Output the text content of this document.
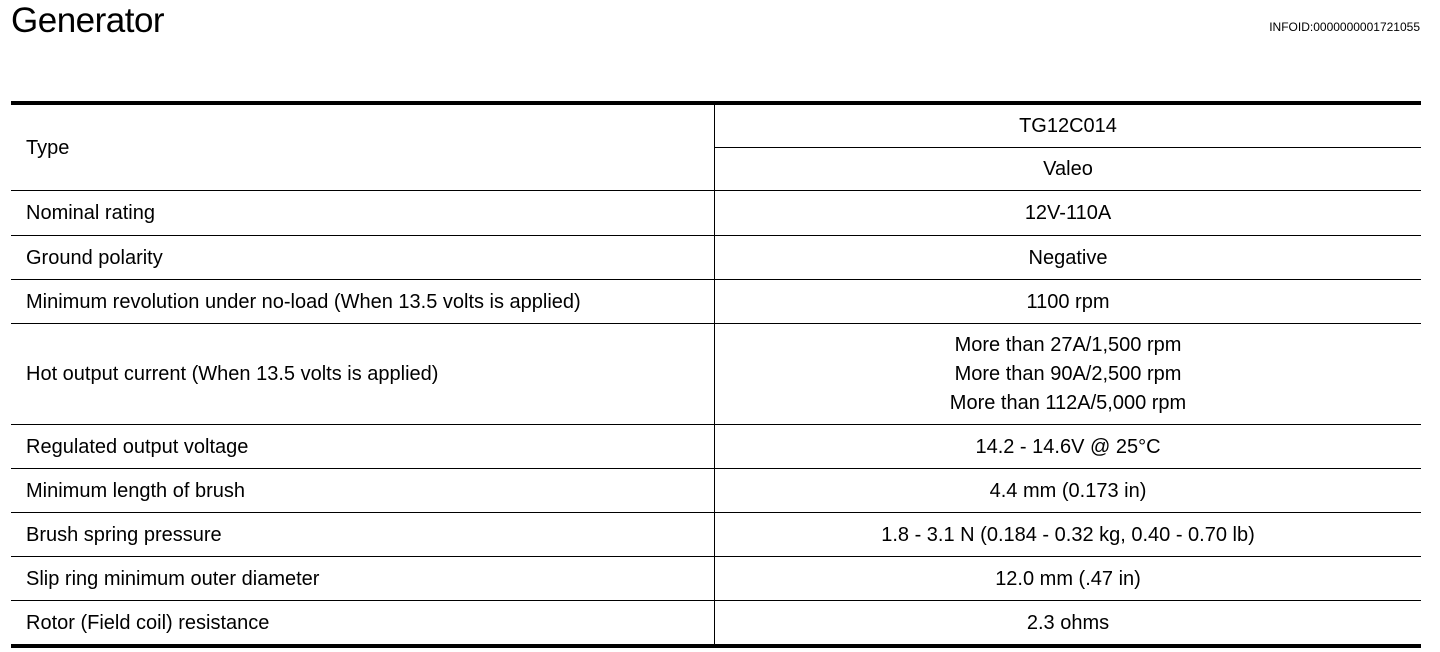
Generator	INFOID:0000000001721055
Type	TG12C014
	Valeo
Nominal rating	12V-110A
Ground polarity	Negative
Minimum revolution under no-load (When 13.5 volts is applied)	1100 rpm
Hot output current (When 13.5 volts is applied)	More than 27A/1,500 rpm
More than 90A/2,500 rpm
More than 112A/5,000 rpm

Regulated output voltage	14.2 - 14.6V @ 25°C
Minimum length of brush	4.4 mm (0.173 in)
Brush spring pressure	1.8 - 3.1 N (0.184 - 0.32 kg, 0.40 - 0.70 lb)
Slip ring minimum outer diameter	12.0 mm (.47 in)
Rotor (Field coil) resistance	2.3 ohms
